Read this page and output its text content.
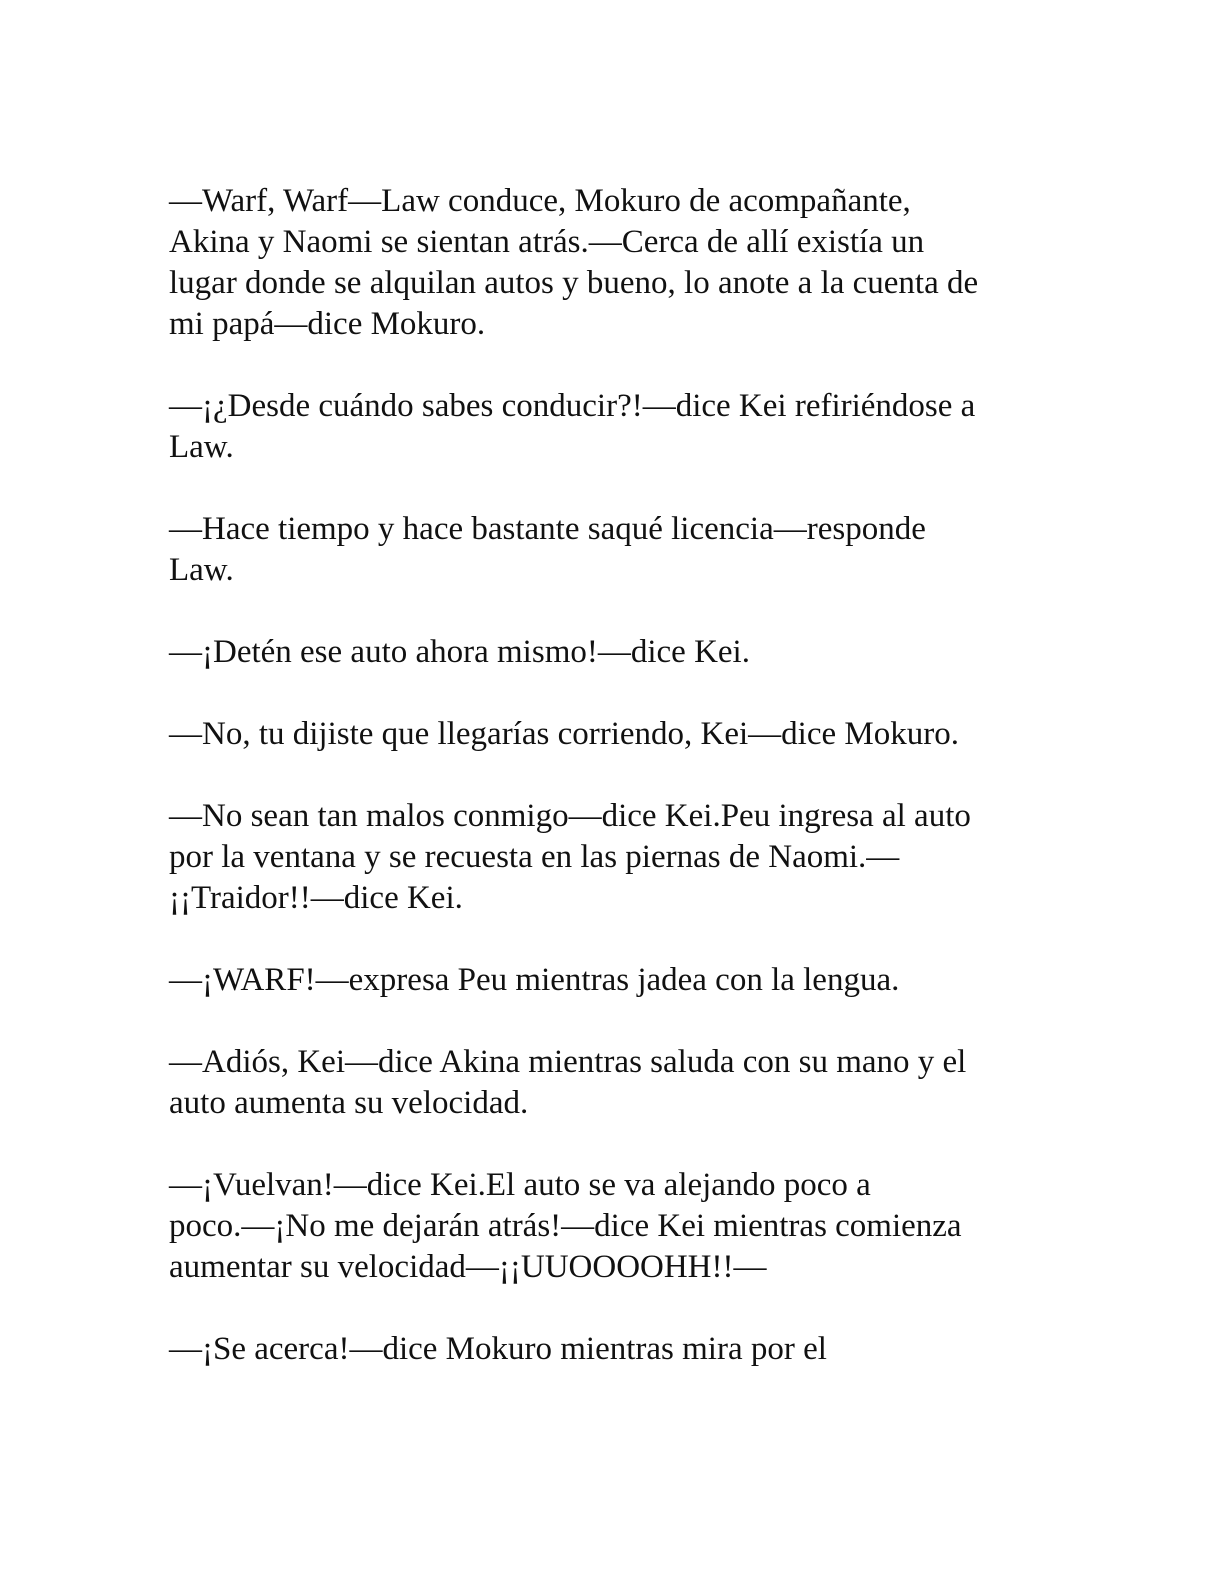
—Warf, Warf—Law conduce, Mokuro de acompañante,
Akina y Naomi se sientan atrás.—Cerca de allí existía un
lugar donde se alquilan autos y bueno, lo anote a la cuenta de
mi papá—dice Mokuro.

—¡¿Desde cuándo sabes conducir?!—dice Kei refiriéndose a
Law.

—Hace tiempo y hace bastante saqué licencia—responde
Law.

—¡Detén ese auto ahora mismo!—dice Kei.

—No, tu dijiste que llegarías corriendo, Kei—dice Mokuro.

—No sean tan malos conmigo—dice Kei.Peu ingresa al auto
por la ventana y se recuesta en las piernas de Naomi.—
¡¡Traidor!!—dice Kei.

—¡WARF!—expresa Peu mientras jadea con la lengua.

—Adiós, Kei—dice Akina mientras saluda con su mano y el
auto aumenta su velocidad.

—¡Vuelvan!—dice Kei.El auto se va alejando poco a
poco.—¡No me dejarán atrás!—dice Kei mientras comienza
aumentar su velocidad—¡¡UUOOOOHH!!—

—¡Se acerca!—dice Mokuro mientras mira por el
